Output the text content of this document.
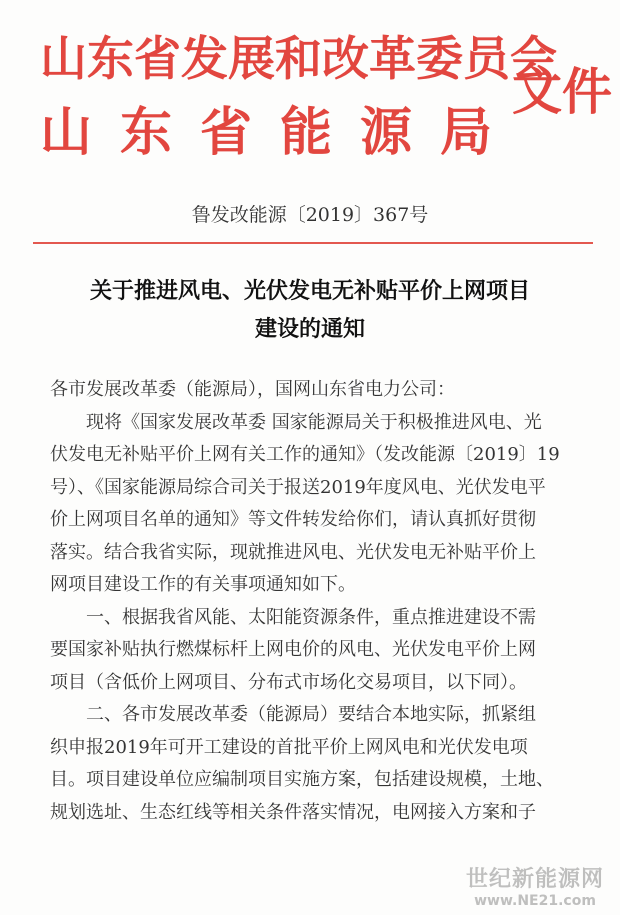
山东省发展和改革委员会
山东省能源局
文件
鲁发改能源〔2019〕367号
关于推进风电、光伏发电无补贴平价上网项目
建设的通知
各市发展改革委（能源局），国网山东省电力公司：
现将《国家发展改革委 国家能源局关于积极推进风电、光
伏发电无补贴平价上网有关工作的通知》（发改能源〔2019〕19
号）、《国家能源局综合司关于报送2019年度风电、光伏发电平
价上网项目名单的通知》等文件转发给你们，请认真抓好贯彻
落实。结合我省实际，现就推进风电、光伏发电无补贴平价上
网项目建设工作的有关事项通知如下。
一、根据我省风能、太阳能资源条件，重点推进建设不需
要国家补贴执行燃煤标杆上网电价的风电、光伏发电平价上网
项目（含低价上网项目、分布式市场化交易项目，以下同）。
二、各市发展改革委（能源局）要结合本地实际，抓紧组
织申报2019年可开工建设的首批平价上网风电和光伏发电项
目。项目建设单位应编制项目实施方案，包括建设规模，土地、
规划选址、生态红线等相关条件落实情况，电网接入方案和子
世纪新能源网
www.NE21.com
